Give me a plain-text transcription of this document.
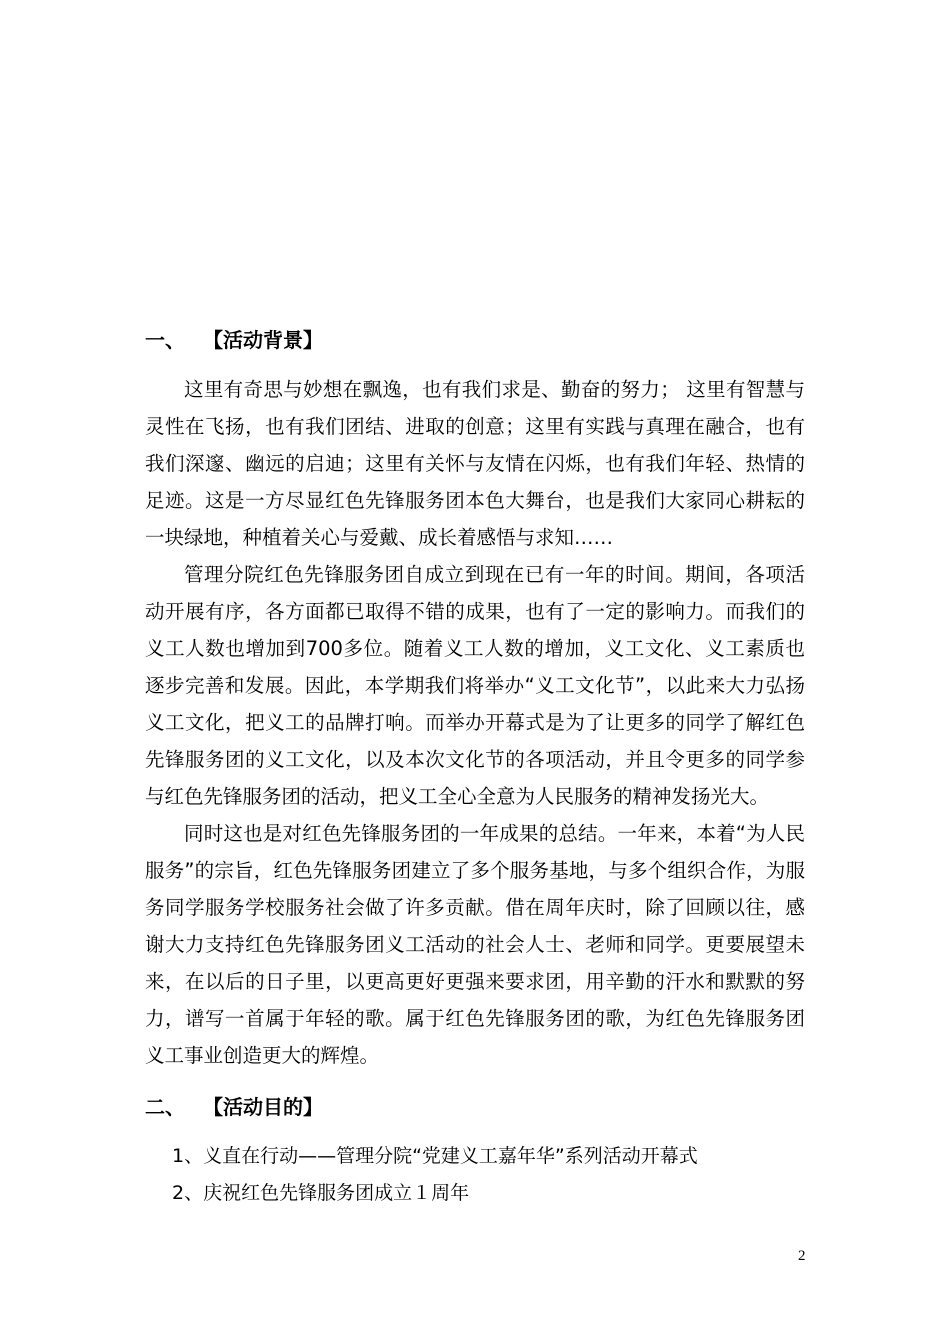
一、 【活动背景】

这里有奇思与妙想在飘逸，也有我们求是、勤奋的努力； 这里有智慧与灵性在飞扬，也有我们团结、进取的创意；这里有实践与真理在融合，也有我们深邃、幽远的启迪；这里有关怀与友情在闪烁，也有我们年轻、热情的足迹。这是一方尽显红色先锋服务团本色大舞台，也是我们大家同心耕耘的一块绿地，种植着关心与爱戴、成长着感悟与求知……

管理分院红色先锋服务团自成立到现在已有一年的时间。期间，各项活动开展有序，各方面都已取得不错的成果，也有了一定的影响力。而我们的义工人数也增加到700多位。随着义工人数的增加，义工文化、义工素质也逐步完善和发展。因此，本学期我们将举办“义工文化节”，以此来大力弘扬义工文化，把义工的品牌打响。而举办开幕式是为了让更多的同学了解红色先锋服务团的义工文化，以及本次文化节的各项活动，并且令更多的同学参与红色先锋服务团的活动，把义工全心全意为人民服务的精神发扬光大。

同时这也是对红色先锋服务团的一年成果的总结。一年来，本着“为人民服务”的宗旨，红色先锋服务团建立了多个服务基地，与多个组织合作，为服务同学服务学校服务社会做了许多贡献。借在周年庆时，除了回顾以往，感谢大力支持红色先锋服务团义工活动的社会人士、老师和同学。更要展望未来，在以后的日子里，以更高更好更强来要求团，用辛勤的汗水和默默的努力，谱写一首属于年轻的歌。属于红色先锋服务团的歌，为红色先锋服务团义工事业创造更大的辉煌。

二、 【活动目的】
1、义直在行动——管理分院“党建义工嘉年华”系列活动开幕式
2、庆祝红色先锋服务团成立１周年
2
